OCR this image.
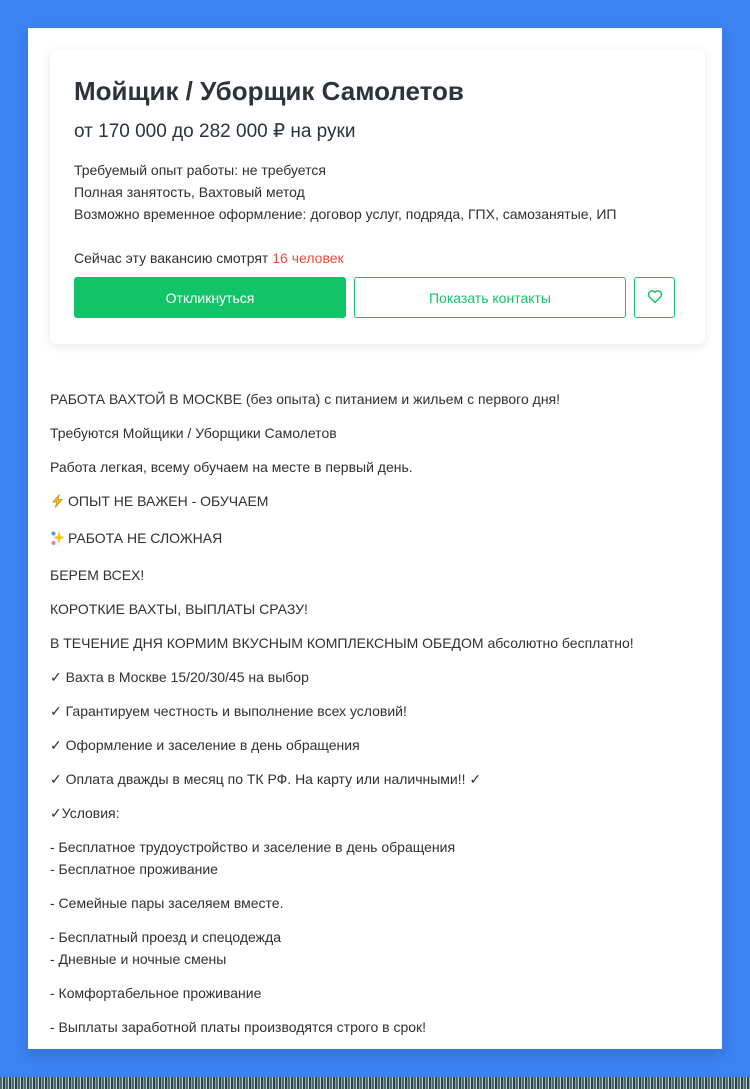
Мойщик / Уборщик Самолетов
от 170 000 до 282 000 ₽ на руки
Требуемый опыт работы: не требуется
Полная занятость, Вахтовый метод
Возможно временное оформление: договор услуг, подряда, ГПХ, самозанятые, ИП
Сейчас эту вакансию смотрят 16 человек
Откликнуться	Показать контакты

РАБОТА ВАХТОЙ В МОСКВЕ (без опыта) с питанием и жильем с первого дня!

Требуются Мойщики / Уборщики Самолетов

Работа легкая, всему обучаем на месте в первый день.

ОПЫТ НЕ ВАЖЕН - ОБУЧАЕМ

РАБОТА НЕ СЛОЖНАЯ

БЕРЕМ ВСЕХ!

КОРОТКИЕ ВАХТЫ, ВЫПЛАТЫ СРАЗУ!

В ТЕЧЕНИЕ ДНЯ КОРМИМ ВКУСНЫМ КОМПЛЕКСНЫМ ОБЕДОМ абсолютно бесплатно!

✓ Вахта в Москве 15/20/30/45 на выбор

✓ Гарантируем честность и выполнение всех условий!

✓ Оформление и заселение в день обращения

✓ Оплата дважды в месяц по ТК РФ. На карту или наличными!! ✓

✓Условия:

- Бесплатное трудоустройство и заселение в день обращения

- Бесплатное проживание

- Семейные пары заселяем вместе.

- Бесплатный проезд и спецодежда

- Дневные и ночные смены

- Комфортабельное проживание

- Выплаты заработной платы производятся строго в срок!
